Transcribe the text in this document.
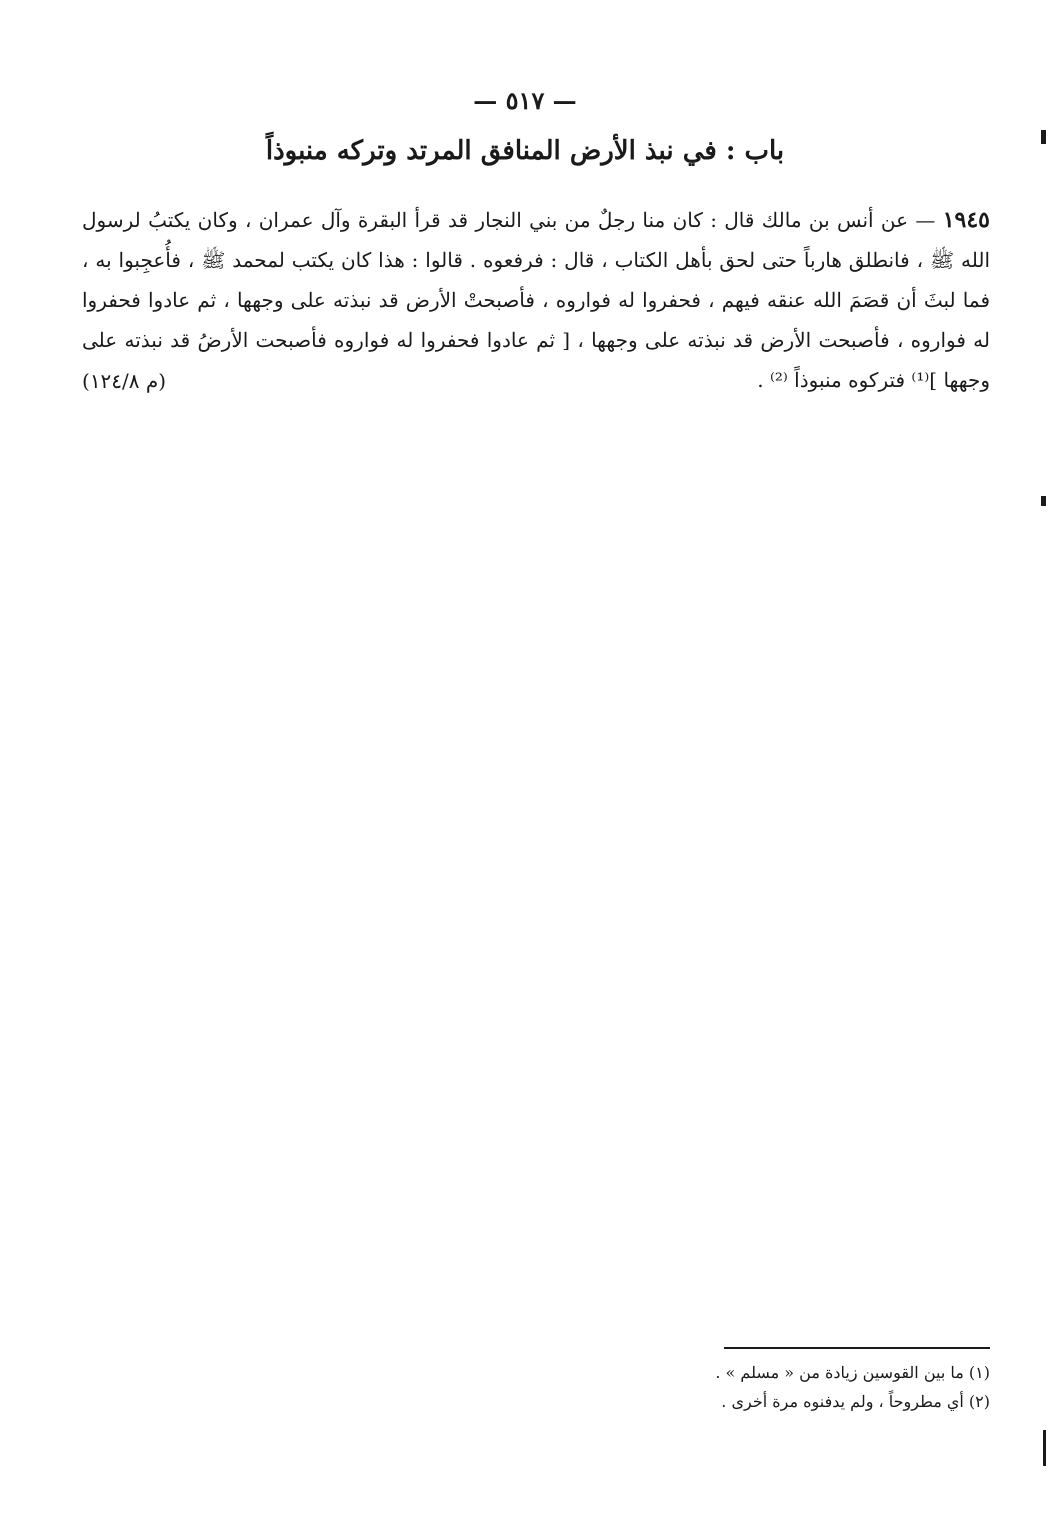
— ٥١٧ —
باب : في نبذ الأرض المنافق المرتد وتركه منبوذاً
١٩٤٥ — عن أنس بن مالك قال : كان منا رجلٌ من بني النجار قد قرأ البقرة وآل عمران ، وكان يكتبُ لرسول الله ﷺ ، فانطلق هارباً حتى لحق بأهل الكتاب ، قال : فرفعوه . قالوا : هذا كان يكتب لمحمد ﷺ ، فأُعجِبوا به ، فما لبثَ أن قصَمَ الله عنقه فيهم ، فحفروا له فواروه ، فأصبحتْ الأرض قد نبذته على وجهها ، ثم عادوا فحفروا له فواروه ، فأصبحت الأرض قد نبذته على وجهها ، [ ثم عادوا فحفروا له فواروه فأصبحت الأرضُ قد نبذته على وجهها ]⁽¹⁾ فتركوه منبوذاً ⁽²⁾ .
(م ١٢٤/٨)

(١) ما بين القوسين زيادة من « مسلم » .

(٢) أي مطروحاً ، ولم يدفنوه مرة أخرى .
